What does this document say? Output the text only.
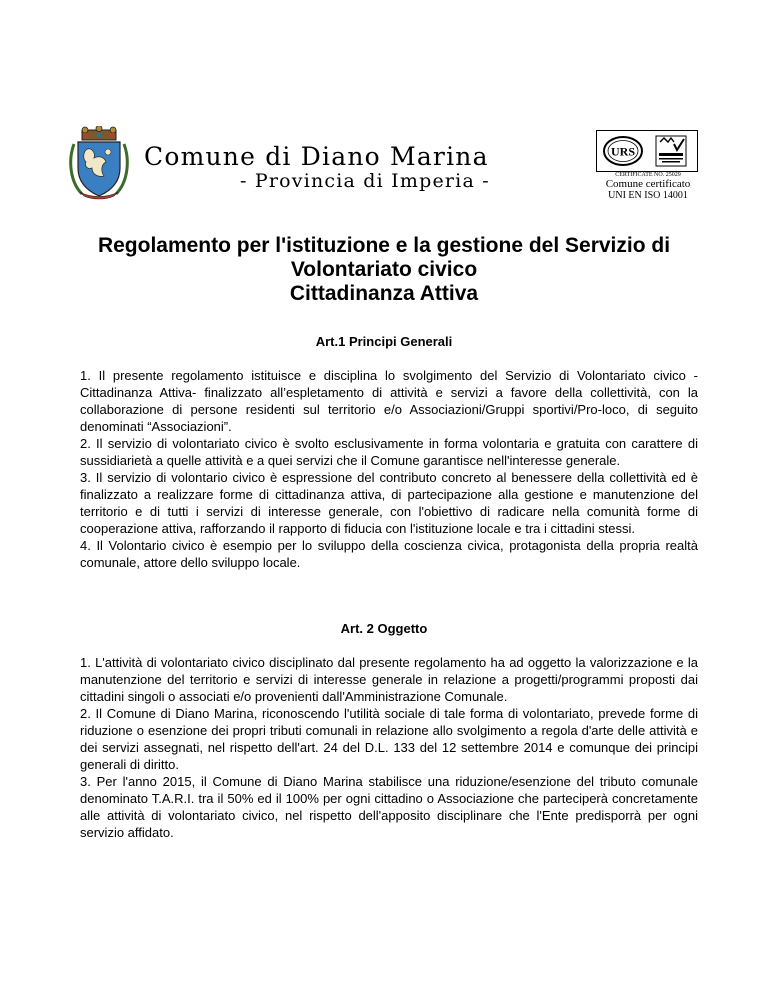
Comune di Diano Marina
- Provincia di Imperia -
URS
CERTIFICATE NO. 25029
Comune certificato
UNI EN ISO 14001
Regolamento per l'istituzione e la gestione del Servizio di
Volontariato civico
Cittadinanza Attiva
Art.1 Principi Generali

1. Il presente regolamento istituisce e disciplina lo svolgimento del Servizio di Volontariato civico -Cittadinanza Attiva- finalizzato all’espletamento di attività e servizi a favore della collettività, con la collaborazione di persone residenti sul territorio e/o Associazioni/Gruppi sportivi/Pro-loco, di seguito denominati “Associazioni”.

2. Il servizio di volontariato civico è svolto esclusivamente in forma volontaria e gratuita con carattere di sussidiarietà a quelle attività e a quei servizi che il Comune garantisce nell'interesse generale.

3. Il servizio di volontario civico è espressione del contributo concreto al benessere della collettività ed è finalizzato a realizzare forme di cittadinanza attiva, di partecipazione alla gestione e manutenzione del territorio e di tutti i servizi di interesse generale, con l'obiettivo di radicare nella comunità forme di cooperazione attiva, rafforzando il rapporto di fiducia con l'istituzione locale e tra i cittadini stessi.

4. Il Volontario civico è esempio per lo sviluppo della coscienza civica, protagonista della propria realtà comunale, attore dello sviluppo locale.

Art. 2 Oggetto

1. L'attività di volontariato civico disciplinato dal presente regolamento ha ad oggetto la valorizzazione e la manutenzione del territorio e servizi di interesse generale in relazione a progetti/programmi proposti dai cittadini singoli o associati e/o provenienti dall'Amministrazione Comunale.

2. Il Comune di Diano Marina, riconoscendo l'utilità sociale di tale forma di volontariato, prevede forme di riduzione o esenzione dei propri tributi comunali in relazione allo svolgimento a regola d'arte delle attività e dei servizi assegnati, nel rispetto dell'art. 24 del D.L. 133 del 12 settembre 2014 e comunque dei principi generali di diritto.

3. Per l'anno 2015, il Comune di Diano Marina stabilisce una riduzione/esenzione del tributo comunale denominato T.A.R.I. tra il 50% ed il 100% per ogni cittadino o Associazione che parteciperà concretamente alle attività di volontariato civico, nel rispetto dell'apposito disciplinare che l'Ente predisporrà per ogni servizio affidato.
